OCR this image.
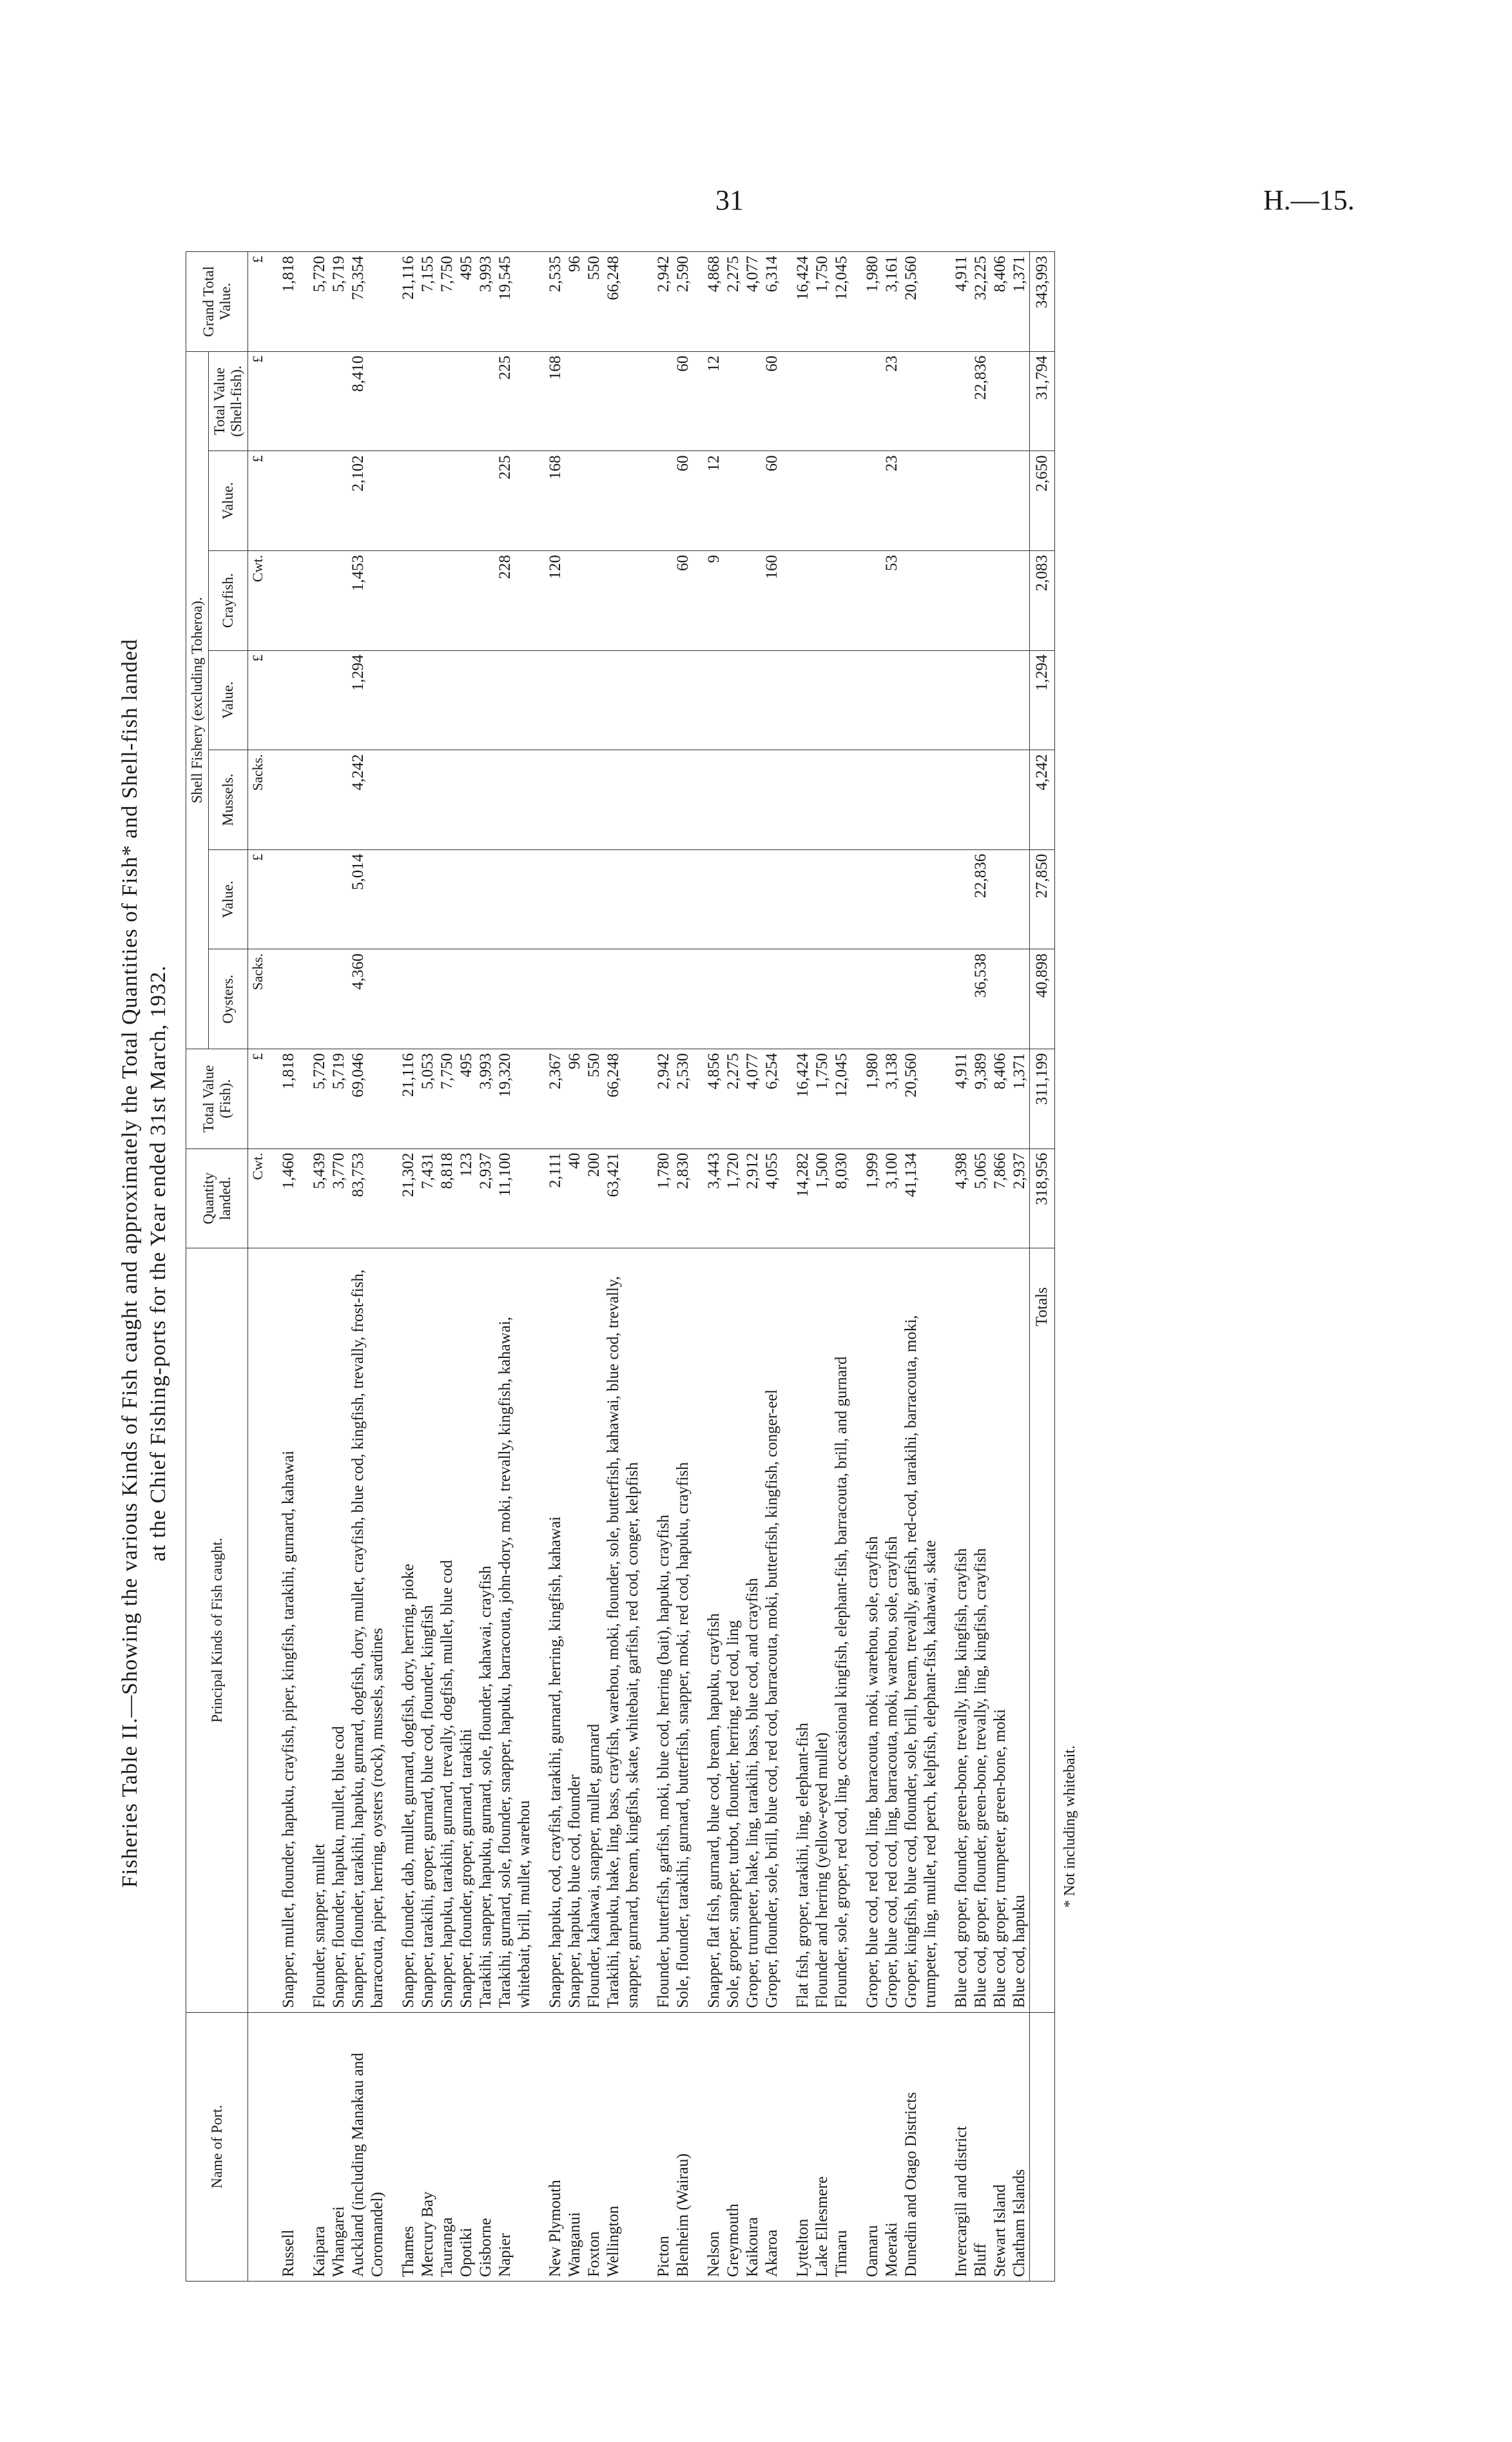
31	H.—15.
Fisheries Table II.—Showing the various Kinds of Fish caught and approximately the Total Quantities of Fish* and Shell-fish landed at the Chief Fishing-ports for the Year ended 31st March, 1932.
Name of Port.	Principal Kinds of Fish caught.	Quantity landed.	Total Value (Fish).	Shell Fishery (excluding Toheroa).							Grand Total Value.
				Oysters.	Value.	Mussels.	Value.	Crayfish.	Value.	Total Value (Shell-fish).	
		Cwt.	£	Sacks.	£	Sacks.	£	Cwt.	£	£	£

Russell	Snapper, mullet, flounder, hapuku, crayfish, piper, kingfish, tarakihi, gurnard, kahawai	1,460	1,818								1,818

Kaipara	Flounder, snapper, mullet	5,439	5,720								5,720
Whangarei	Snapper, flounder, hapuku, mullet, blue cod	3,770	5,719								5,719
Auckland (including Manakau and Coromandel)	Snapper, flounder, tarakihi, hapuku, gurnard, dogfish, dory, mullet, crayfish, blue cod, kingfish, trevally, frost-fish, barracouta, piper, herring, oysters (rock), mussels, sardines	83,753	69,046	4,360	5,014	4,242	1,294	1,453	2,102	8,410	75,354

Thames	Snapper, flounder, dab, mullet, gurnard, dogfish, dory, herring, pioke	21,302	21,116								21,116
Mercury Bay	Snapper, tarakihi, groper, gurnard, blue cod, flounder, kingfish	7,431	5,053								7,155
Tauranga	Snapper, hapuku, tarakihi, gurnard, trevally, dogfish, mullet, blue cod	8,818	7,750								7,750
Opotiki	Snapper, flounder, groper, gurnard, tarakihi	123	495								495
Gisborne	Tarakihi, snapper, hapuku, gurnard, sole, flounder, kahawai, crayfish	2,937	3,993								3,993
Napier	Tarakihi, gurnard, sole, flounder, snapper, hapuku, barracouta, john-dory, moki, trevally, kingfish, kahawai, whitebait, brill, mullet, warehou	11,100	19,320					228	225	225	19,545

New Plymouth	Snapper, hapuku, cod, crayfish, tarakihi, gurnard, herring, kingfish, kahawai	2,111	2,367					120	168	168	2,535
Wanganui	Snapper, hapuku, blue cod, flounder	40	96								96
Foxton	Flounder, kahawai, snapper, mullet, gurnard	200	550								550
Wellington	Tarakihi, hapuku, hake, ling, bass, crayfish, warehou, moki, flounder, sole, butterfish, kahawai, blue cod, trevally, snapper, gurnard, bream, kingfish, skate, whitebait, garfish, red cod, conger, kelpfish	63,421	66,248								66,248

Picton	Flounder, butterfish, garfish, moki, blue cod, herring (bait), hapuku, crayfish	1,780	2,942								2,942
Blenheim (Wairau)	Sole, flounder, tarakihi, gurnard, butterfish, snapper, moki, red cod, hapuku, crayfish	2,830	2,530					60	60	60	2,590

Nelson	Snapper, flat fish, gurnard, blue cod, bream, hapuku, crayfish	3,443	4,856					9	12	12	4,868
Greymouth	Sole, groper, snapper, turbot, flounder, herring, red cod, ling	1,720	2,275								2,275
Kaikoura	Groper, trumpeter, hake, ling, tarakihi, bass, blue cod, and crayfish	2,912	4,077								4,077
Akaroa	Groper, flounder, sole, brill, blue cod, red cod, barracouta, moki, butterfish, kingfish, conger-eel	4,055	6,254					160	60	60	6,314

Lyttelton	Flat fish, groper, tarakihi, ling, elephant-fish	14,282	16,424								16,424
Lake Ellesmere	Flounder and herring (yellow-eyed mullet)	1,500	1,750								1,750
Timaru	Flounder, sole, groper, red cod, ling, occasional kingfish, elephant-fish, barracouta, brill, and gurnard	8,030	12,045								12,045

Oamaru	Groper, blue cod, red cod, ling, barracouta, moki, warehou, sole, crayfish	1,999	1,980								1,980
Moeraki	Groper, blue cod, red cod, ling, barracouta, moki, warehou, sole, crayfish	3,100	3,138					53	23	23	3,161
Dunedin and Otago Districts	Groper, kingfish, blue cod, flounder, sole, brill, bream, trevally, garfish, red-cod, tarakihi, barracouta, moki, trumpeter, ling, mullet, red perch, kelpfish, elephant-fish, kahawai, skate	41,134	20,560								20,560

Invercargill and district	Blue cod, groper, flounder, green-bone, trevally, ling, kingfish, crayfish	4,398	4,911								4,911
Bluff	Blue cod, groper, flounder, green-bone, trevally, ling, kingfish, crayfish	5,065	9,389	36,538	22,836					22,836	32,225
Stewart Island	Blue cod, groper, trumpeter, green-bone, moki	7,866	8,406								8,406
Chatham Islands	Blue cod, hapuku	2,937	1,371								1,371
	Totals	318,956	311,199	40,898	27,850	4,242	1,294	2,083	2,650	31,794	343,993
* Not including whitebait.
